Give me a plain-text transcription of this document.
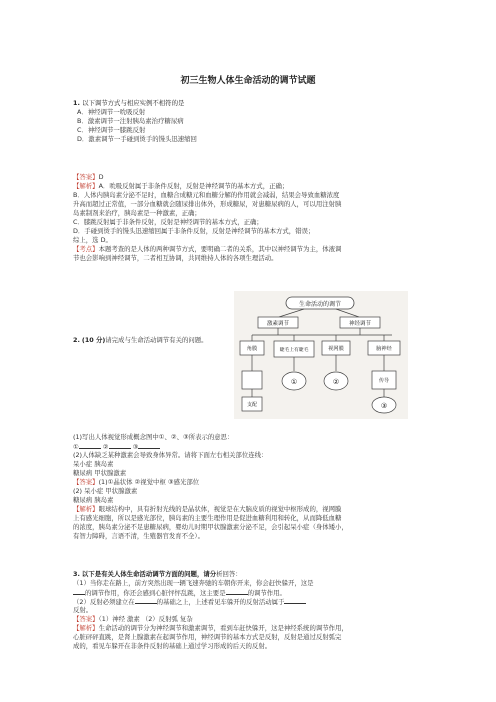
初三生物人体生命活动的调节试题
1. 以下调节方式与相应实例不相符的是
A．神经调节一吮吸反射
B．激素调节一注射胰岛素治疗糖尿病
C．神经调节一膝跳反射
D．激素调节一手碰到烫手的馒头迅速缩回
【答案】D
【解析】A．吮吸反射属于非条件反射，反射是神经调节的基本方式，正确；
B．人体内胰岛素分泌不足时，血糖合成糖元和血糖分解的作用就会减弱，结果会导致血糖浓度
升高而超过正常值，一部分血糖就会随尿排出体外，形成糖尿，对患糖尿病的人，可以用注射胰
岛素制剂来治疗，胰岛素是一种激素，正确；
C．膝跳反射属于非条件反射，反射是神经调节的基本方式，正确；
D．手碰到烫手的馒头迅速缩回属于非条件反射，反射是神经调节的基本方式，错误；
综上，选 D。
【考点】本题考查的是人体的两种调节方式，要明确二者的关系，其中以神经调节为主，体液调
节也会影响到神经调节，二者相互协调，共同维持人体的各项生理活动。
2. (10 分)请完成与生命活动调节有关的问题。
生命活动的调节
激素调节	神经调节
角膜	睫毛上有睫毛	视网膜	脑神经
①	②	传导
③
支配
(1)写出人体视觉形成概念图中①、②、③所表示的意思：
①	②	③
(2)人体缺乏某种激素会导致身体异常。请将下面左右相关部位连线：
呆小症 胰岛素
糖尿病 甲状腺激素
【答案】(1)①晶状体 ②视觉中枢 ③感光部位
(2) 呆小症 甲状腺激素
糖尿病 胰岛素
【解析】眼球结构中，具有折射光线的是晶状体，视觉是在大脑皮质的视觉中枢形成的，视网膜
上有感光细胞，所以是感光部位，胰岛素的主要生理作用是促进血糖利用和转化，从而降低血糖
的浓度，胰岛素分泌不足患糖尿病，婴幼儿时期甲状腺激素分泌不足，会引起呆小症（身体矮小，
有智力障碍，言语不清，生殖器官发育不全）。
3. 以下是有关人体生命活动调节方面的问题，请分析回答：
（1）当你走在路上，前方突然出现一辆飞速奔驰的车朝你开来，你会赶快躲开，这是
的调节作用，你还会感到心脏怦怦乱跳，这主要是	的调节作用。
（2）反射必须建立在	的基础之上，上述看见车躲开的反射活动属于
反射。
【答案】（1）神经 激素 （2）反射弧 复杂
【解析】生命活动的调节分为神经调节和激素调节，看到车赶快躲开，这是神经系统的调节作用，
心脏砰砰直跳，是肾上腺激素在起调节作用，神经调节的基本方式是反射，反射是通过反射弧完
成的，看见车躲开在非条件反射的基础上通过学习形成的后天的反射。
